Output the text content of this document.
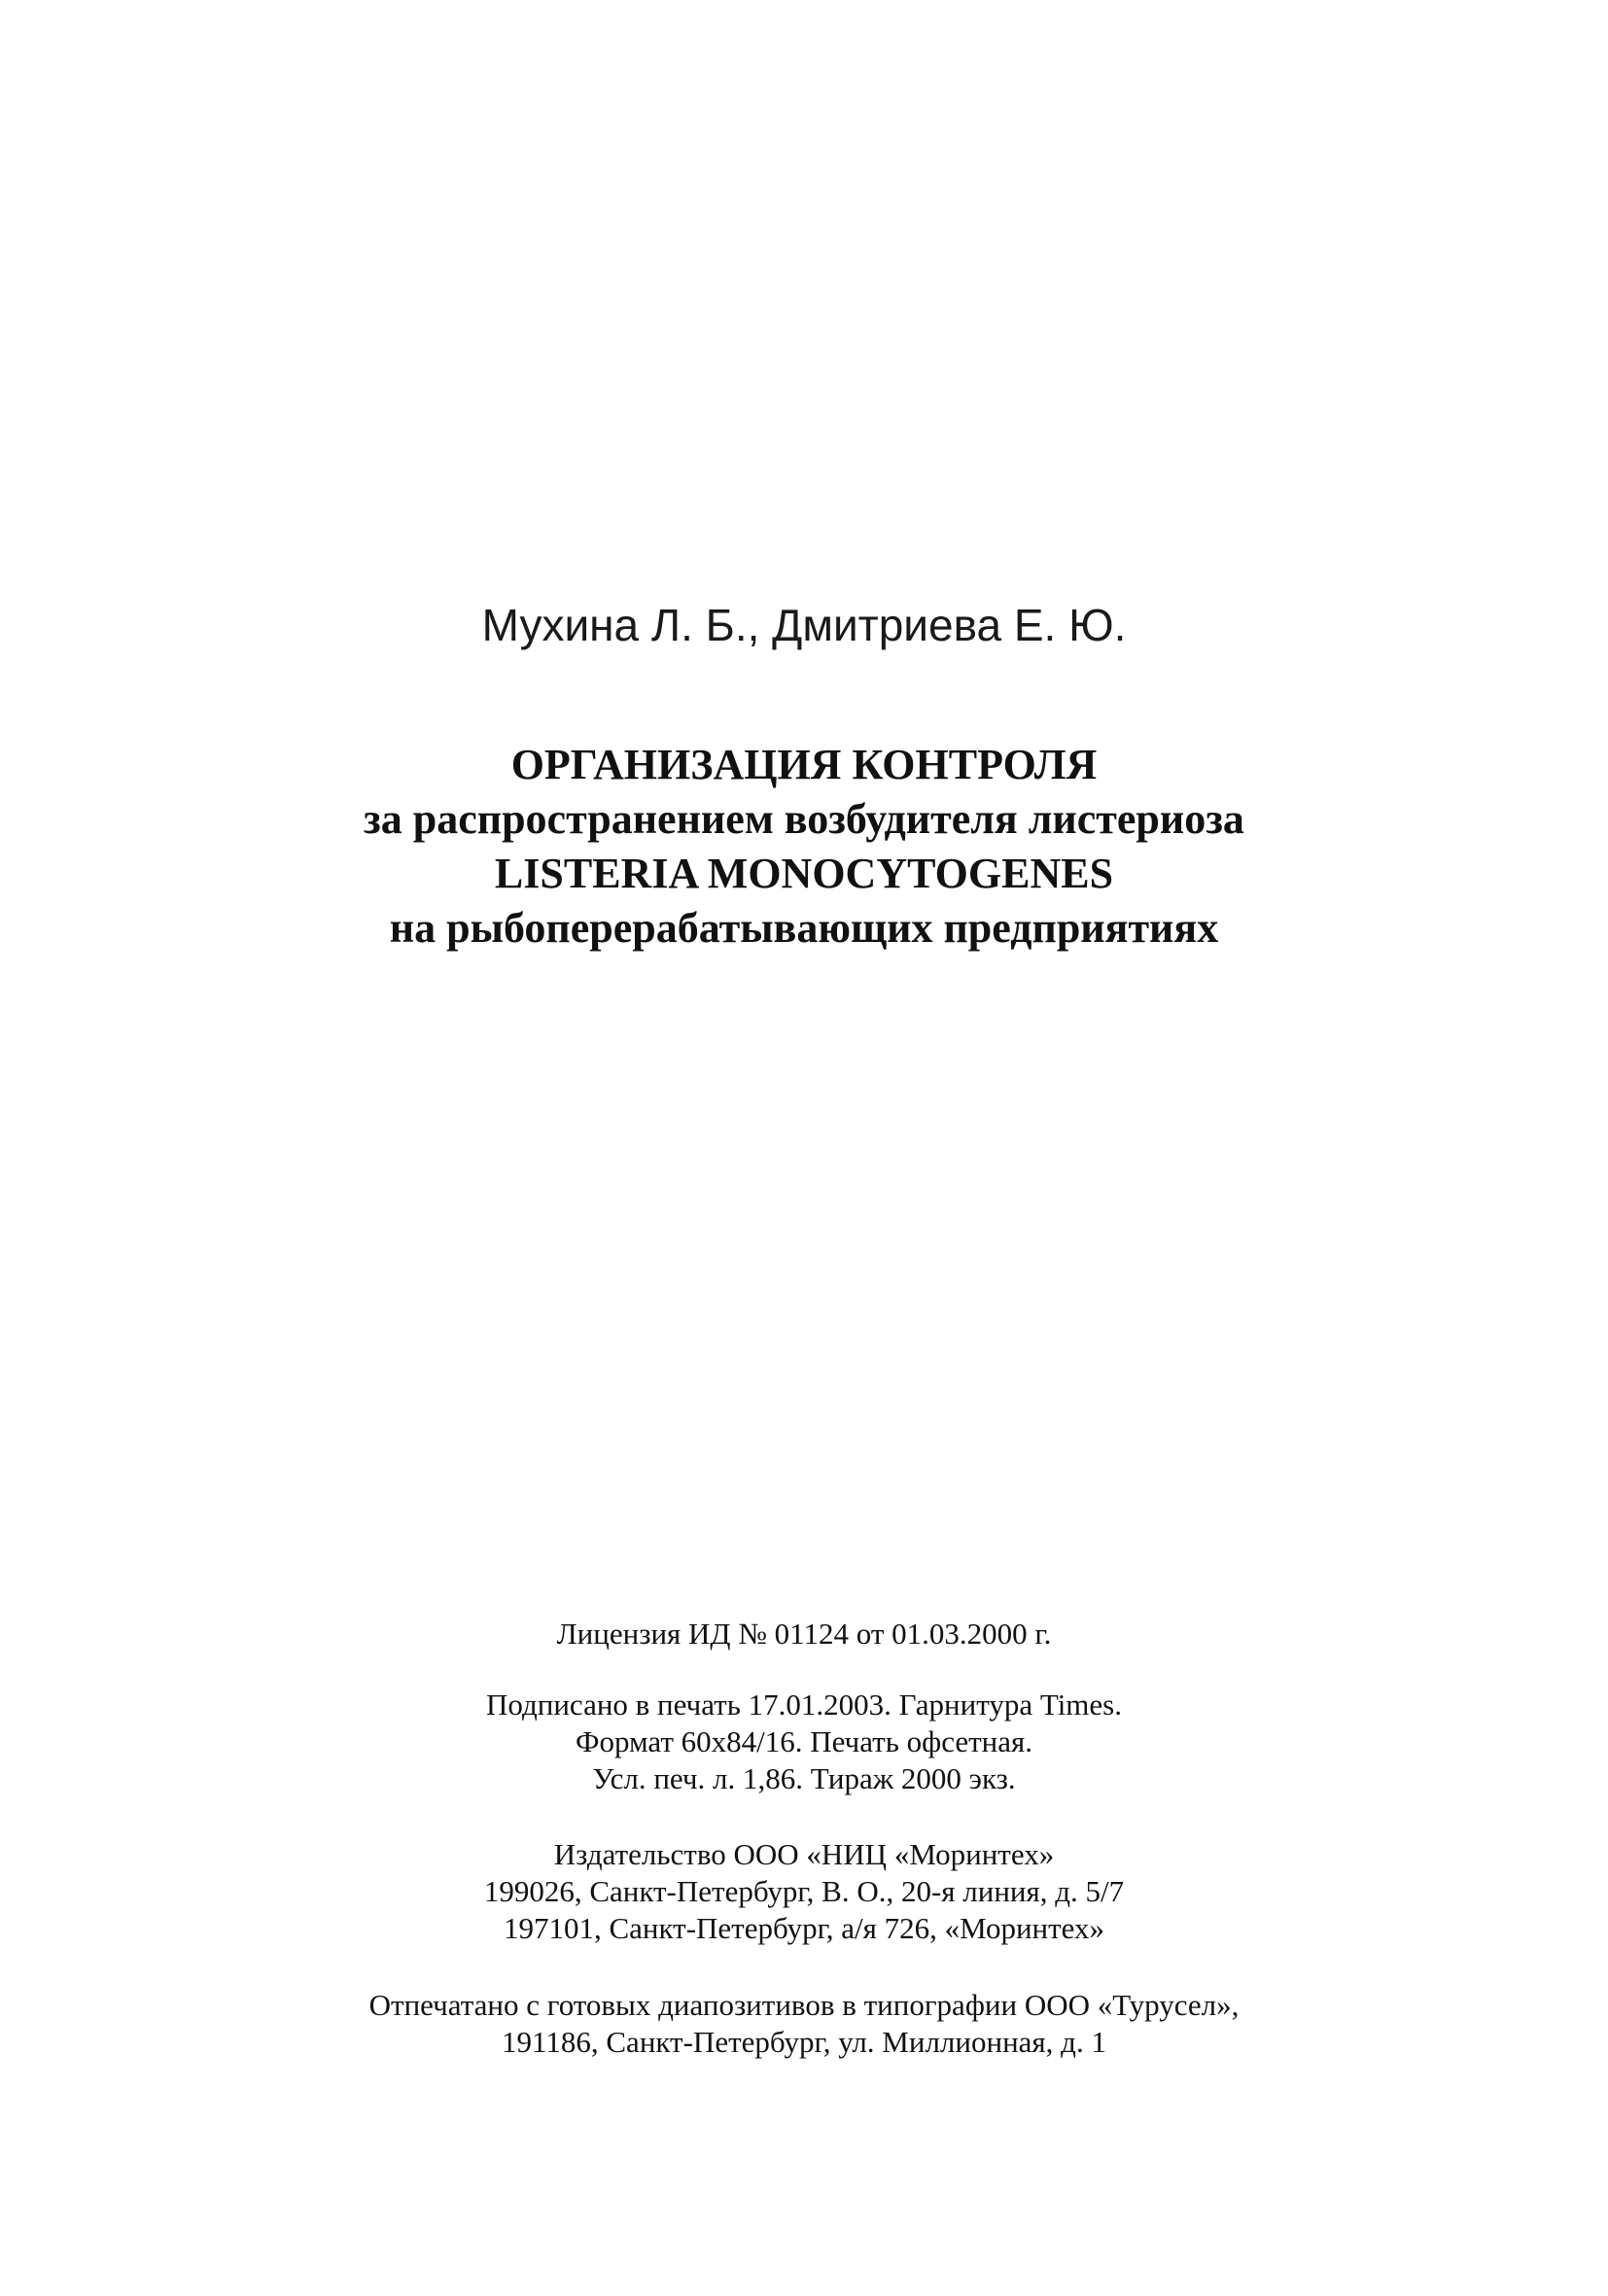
Мухина Л. Б., Дмитриева Е. Ю.
ОРГАНИЗАЦИЯ КОНТРОЛЯ
за распространением возбудителя листериоза
LISTERIA MONOCYTOGENES
на рыбоперерабатывающих предприятиях
Лицензия ИД № 01124 от 01.03.2000 г.
Подписано в печать 17.01.2003. Гарнитура Times.
Формат 60x84/16. Печать офсетная.
Усл. печ. л. 1,86. Тираж 2000 экз.
Издательство ООО «НИЦ «Моринтех»
199026, Санкт-Петербург, В. О., 20-я линия, д. 5/7
197101, Санкт-Петербург, а/я 726, «Моринтех»
Отпечатано с готовых диапозитивов в типографии ООО «Турусел»,
191186, Санкт-Петербург, ул. Миллионная, д. 1
